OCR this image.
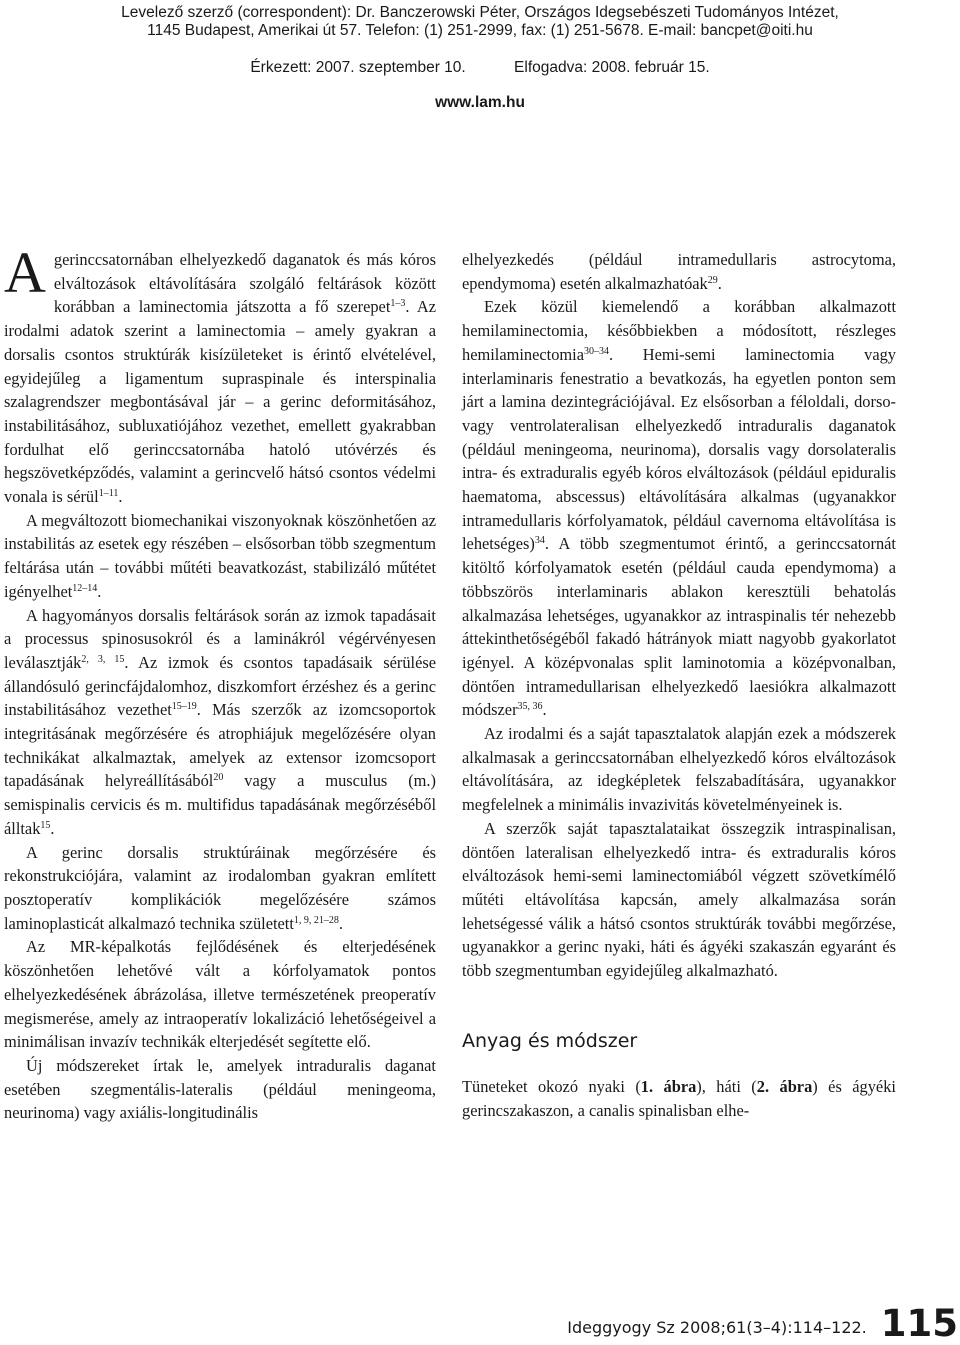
Levelező szerző (correspondent): Dr. Banczerowski Péter, Országos Idegsebészeti Tudományos Intézet,
1145 Budapest, Amerikai út 57. Telefon: (1) 251-2999, fax: (1) 251-5678. E-mail: bancpet@oiti.hu
Érkezett: 2007. szeptember 10.	Elfogadva: 2008. február 15.
www.lam.hu

A gerinccsatornában elhelyezkedő daganatok és más kóros elváltozások eltávolítására szolgáló feltárások között korábban a laminectomia játszotta a fő szerepet$^{1-3}$. Az irodalmi adatok szerint a laminectomia – amely gyakran a dorsalis csontos struktúrák kisízületeket is érintő elvételével, egyidejűleg a ligamentum supraspinale és interspinalia szalagrendszer megbontásával jár – a gerinc deformitásához, instabilitásához, subluxatiójához vezethet, emellett gyakrabban fordulhat elő gerinccsatornába hatoló utóvérzés és hegszövetképződés, valamint a gerincvelő hátsó csontos védelmi vonala is sérül$^{1-11}$.

A megváltozott biomechanikai viszonyoknak köszönhetően az instabilitás az esetek egy részében – elsősorban több szegmentum feltárása után – további műtéti beavatkozást, stabilizáló műtétet igényelhet$^{12-14}$.

A hagyományos dorsalis feltárások során az izmok tapadásait a processus spinosusokról és a laminákról végérvényesen leválasztják$^{2, 3, 15}$. Az izmok és csontos tapadásaik sérülése állandósuló gerincfájdalomhoz, diszkomfort érzéshez és a gerinc instabilitásához vezethet$^{15-19}$. Más szerzők az izomcsoportok integritásának megőrzésére és atrophiájuk megelőzésére olyan technikákat alkalmaztak, amelyek az extensor izomcsoport tapadásának helyreállításából$^{20}$ vagy a musculus (m.) semispinalis cervicis és m. multifidus tapadásának megőrzéséből álltak$^{15}$.

A gerinc dorsalis struktúráinak megőrzésére és rekonstrukciójára, valamint az irodalomban gyakran említett posztoperatív komplikációk megelőzésére számos laminoplasticát alkalmazó technika született$^{1, 9, 21-28}$.

Az MR-képalkotás fejlődésének és elterjedésének köszönhetően lehetővé vált a kórfolyamatok pontos elhelyezkedésének ábrázolása, illetve természetének preoperatív megismerése, amely az intraoperatív lokalizáció lehetőségeivel a minimálisan invazív technikák elterjedését segítette elő.

Új módszereket írtak le, amelyek intraduralis daganat esetében szegmentális-lateralis (például meningeoma, neurinoma) vagy axiális-longitudinális

elhelyezkedés (például intramedullaris astrocytoma, ependymoma) esetén alkalmazhatóak$^{29}$.

Ezek közül kiemelendő a korábban alkalmazott hemilaminectomia, későbbiekben a módosított, részleges hemilaminectomia$^{30-34}$. Hemi-semi laminectomia vagy interlaminaris fenestratio a bevatkozás, ha egyetlen ponton sem járt a lamina dezintegrációjával. Ez elsősorban a féloldali, dorso- vagy ventrolateralisan elhelyezkedő intraduralis daganatok (például meningeoma, neurinoma), dorsalis vagy dorsolateralis intra- és extraduralis egyéb kóros elváltozások (például epiduralis haematoma, abscessus) eltávolítására alkalmas (ugyanakkor intramedullaris kórfolyamatok, például cavernoma eltávolítása is lehetséges)$^{34}$. A több szegmentumot érintő, a gerinccsatornát kitöltő kórfolyamatok esetén (például cauda ependymoma) a többszörös interlaminaris ablakon keresztüli behatolás alkalmazása lehetséges, ugyanakkor az intraspinalis tér nehezebb áttekinthetőségéből fakadó hátrányok miatt nagyobb gyakorlatot igényel. A középvonalas split laminotomia a középvonalban, döntően intramedullarisan elhelyezkedő laesiókra alkalmazott módszer$^{35, 36}$.

Az irodalmi és a saját tapasztalatok alapján ezek a módszerek alkalmasak a gerinccsatornában elhelyezkedő kóros elváltozások eltávolítására, az idegképletek felszabadítására, ugyanakkor megfelelnek a minimális invazivitás követelményeinek is.

A szerzők saját tapasztalataikat összegzik intraspinalisan, döntően lateralisan elhelyezkedő intra- és extraduralis kóros elváltozások hemi-semi laminectomiából végzett szövetkímélő műtéti eltávolítása kapcsán, amely alkalmazása során lehetségessé válik a hátsó csontos struktúrák további megőrzése, ugyanakkor a gerinc nyaki, háti és ágyéki szakaszán egyaránt és több szegmentumban egyidejűleg alkalmazható.

Anyag és módszer

Tüneteket okozó nyaki (1. ábra), háti (2. ábra) és ágyéki gerincszakaszon, a canalis spinalisban elhe-

Ideggyogy Sz 2008;61(3–4):114–122. 115
